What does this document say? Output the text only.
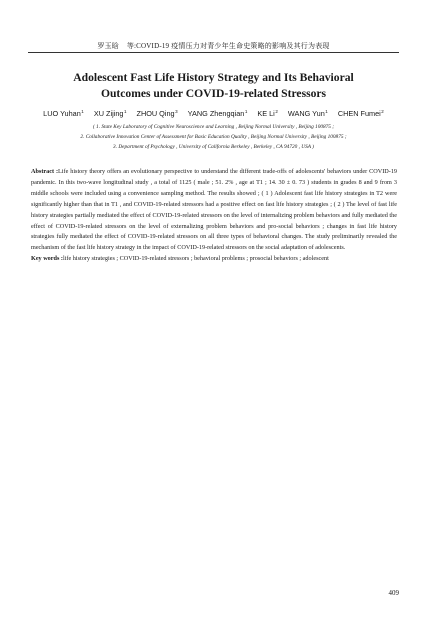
罗玉晗 等:COVID-19 疫情压力对青少年生命史策略的影响及其行为表现
Adolescent Fast Life History Strategy and Its Behavioral
Outcomes under COVID-19-related Stressors
LUO Yuhan$^1$ XU Zijing$^1$ ZHOU Qing$^3$ YANG Zhengqian$^1$ KE Li$^2$ WANG Yun$^1$ CHEN Fumei$^2$
( 1. State Key Laboratory of Cognitive Neuroscience and Learning , Beijing Normal University , Beijing 100875 ;
2. Collaborative Innovation Center of Assessment for Basic Education Quality , Beijing Normal University , Beijing 100875 ;
3. Department of Psychology , University of California Berkeley , Berkeley , CA 94720 , USA )
Abstract :Life history theory offers an evolutionary perspective to understand the different trade-offs of adolescents' behaviors under COVID-19 pandemic. In this two-wave longitudinal study , a total of 1125 ( male ; 51. 2% , age at T1 ; 14. 30 ± 0. 73 ) students in grades 8 and 9 from 3 middle schools were included using a convenience sampling method. The results showed ; ( 1 ) Adolescent fast life history strategies in T2 were significantly higher than that in T1 , and COVID-19-related stressors had a positive effect on fast life history strategies ; ( 2 ) The level of fast life history strategies partially mediated the effect of COVID-19-related stressors on the level of internalizing problem behaviors and fully mediated the effect of COVID-19-related stressors on the level of externalizing problem behaviors and pro-social behaviors ; changes in fast life history strategies fully mediated the effect of COVID-19-related stressors on all three types of behavioral changes. The study preliminarily revealed the mechanism of the fast life history strategy in the impact of COVID-19-related stressors on the social adaptation of adolescents.
Key words :life history strategies ; COVID-19-related stressors ; behavioral problems ; prosocial behaviors ; adolescent
409
